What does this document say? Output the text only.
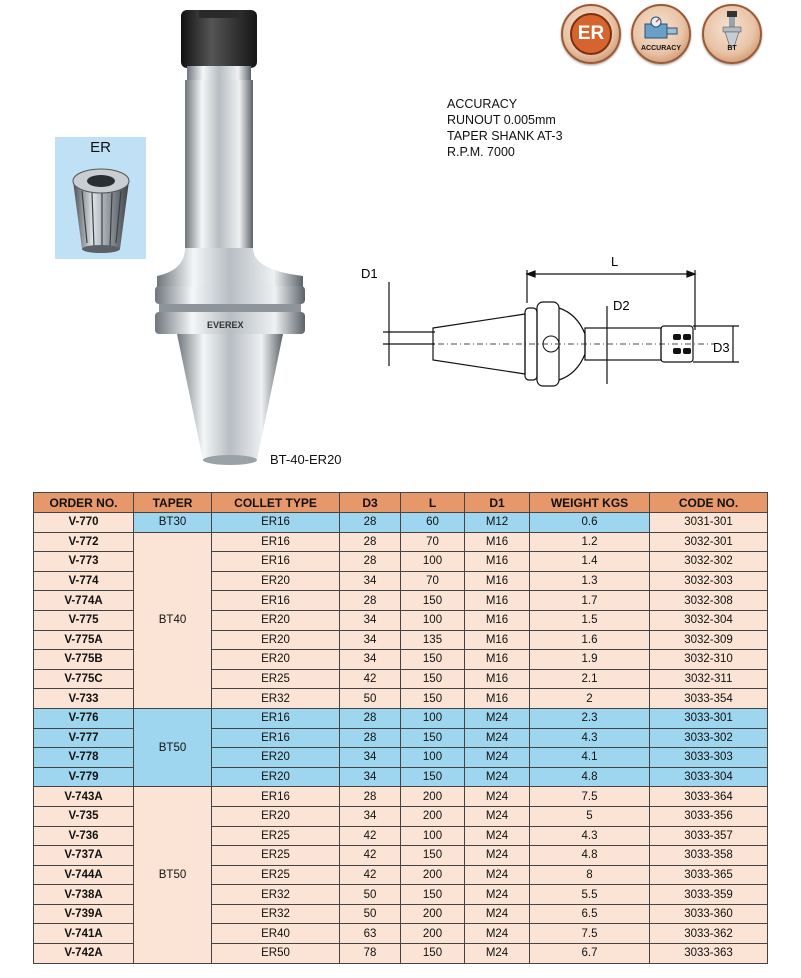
ER
ACCURACY	BT
ACCURACY
RUNOUT 0.005mm
TAPER SHANK AT-3
R.P.M. 7000
ER
EVEREX
BT-40-ER20
L
D1
D2
D3
ORDER NO.	TAPER	COLLET TYPE	D3	L	D1	WEIGHT KGS	CODE NO.
V-770	BT30	ER16	28	60	M12	0.6	3031-301
V-772	BT40	ER16	28	70	M16	1.2	3032-301
V-773		ER16	28	100	M16	1.4	3032-302
V-774		ER20	34	70	M16	1.3	3032-303
V-774A		ER16	28	150	M16	1.7	3032-308
V-775		ER20	34	100	M16	1.5	3032-304
V-775A		ER20	34	135	M16	1.6	3032-309
V-775B		ER20	34	150	M16	1.9	3032-310
V-775C		ER25	42	150	M16	2.1	3032-311
V-733		ER32	50	150	M16	2	3033-354
V-776	BT50	ER16	28	100	M24	2.3	3033-301
V-777		ER16	28	150	M24	4.3	3033-302
V-778		ER20	34	100	M24	4.1	3033-303
V-779		ER20	34	150	M24	4.8	3033-304
V-743A	BT50	ER16	28	200	M24	7.5	3033-364
V-735		ER20	34	200	M24	5	3033-356
V-736		ER25	42	100	M24	4.3	3033-357
V-737A		ER25	42	150	M24	4.8	3033-358
V-744A		ER25	42	200	M24	8	3033-365
V-738A		ER32	50	150	M24	5.5	3033-359
V-739A		ER32	50	200	M24	6.5	3033-360
V-741A		ER40	63	200	M24	7.5	3033-362
V-742A		ER50	78	150	M24	6.7	3033-363
